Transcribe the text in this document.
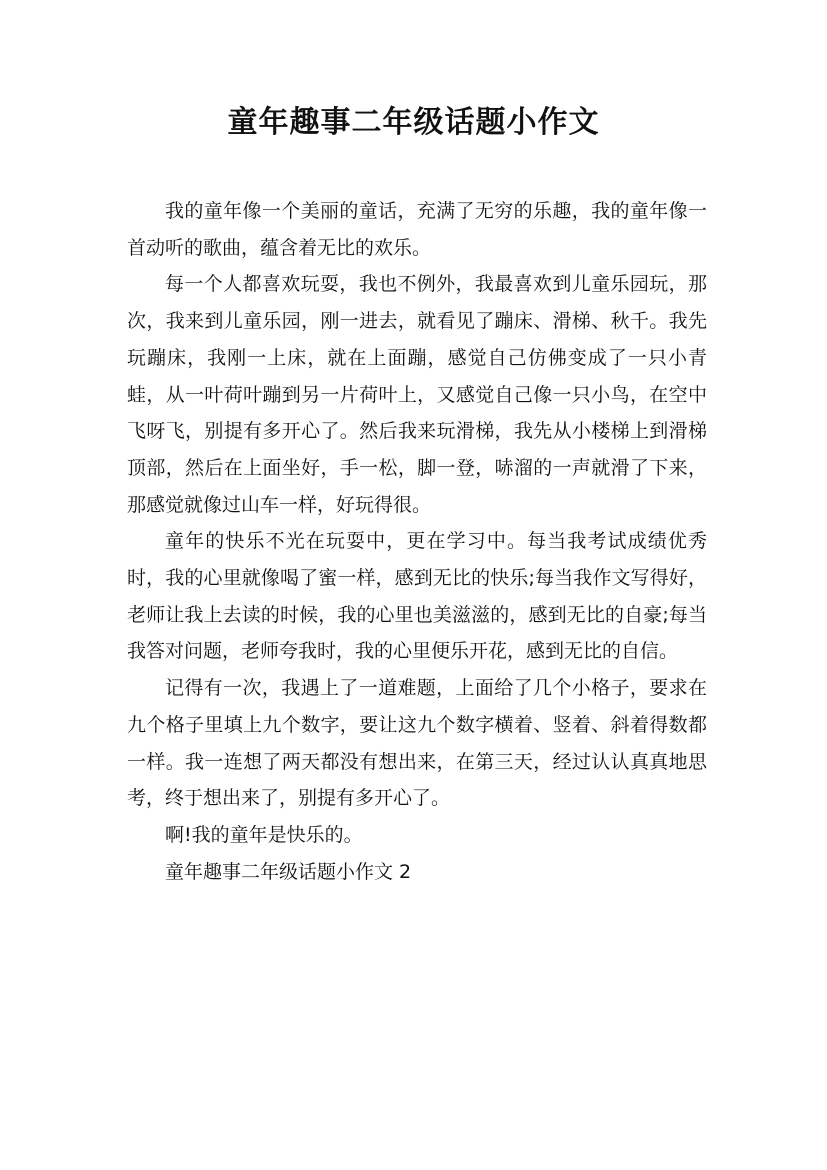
童年趣事二年级话题小作文

我的童年像一个美丽的童话，充满了无穷的乐趣，我的童年像一首动听的歌曲，蕴含着无比的欢乐。

每一个人都喜欢玩耍，我也不例外，我最喜欢到儿童乐园玩，那次，我来到儿童乐园，刚一进去，就看见了蹦床、滑梯、秋千。我先玩蹦床，我刚一上床，就在上面蹦，感觉自己仿佛变成了一只小青蛙，从一叶荷叶蹦到另一片荷叶上，又感觉自己像一只小鸟，在空中飞呀飞，别提有多开心了。然后我来玩滑梯，我先从小楼梯上到滑梯顶部，然后在上面坐好，手一松，脚一登，哧溜的一声就滑了下来，那感觉就像过山车一样，好玩得很。

童年的快乐不光在玩耍中，更在学习中。每当我考试成绩优秀时，我的心里就像喝了蜜一样，感到无比的快乐;每当我作文写得好，老师让我上去读的时候，我的心里也美滋滋的，感到无比的自豪;每当我答对问题，老师夸我时，我的心里便乐开花，感到无比的自信。

记得有一次，我遇上了一道难题，上面给了几个小格子，要求在九个格子里填上九个数字，要让这九个数字横着、竖着、斜着得数都一样。我一连想了两天都没有想出来，在第三天，经过认认真真地思考，终于想出来了，别提有多开心了。

啊!我的童年是快乐的。

童年趣事二年级话题小作文 2
